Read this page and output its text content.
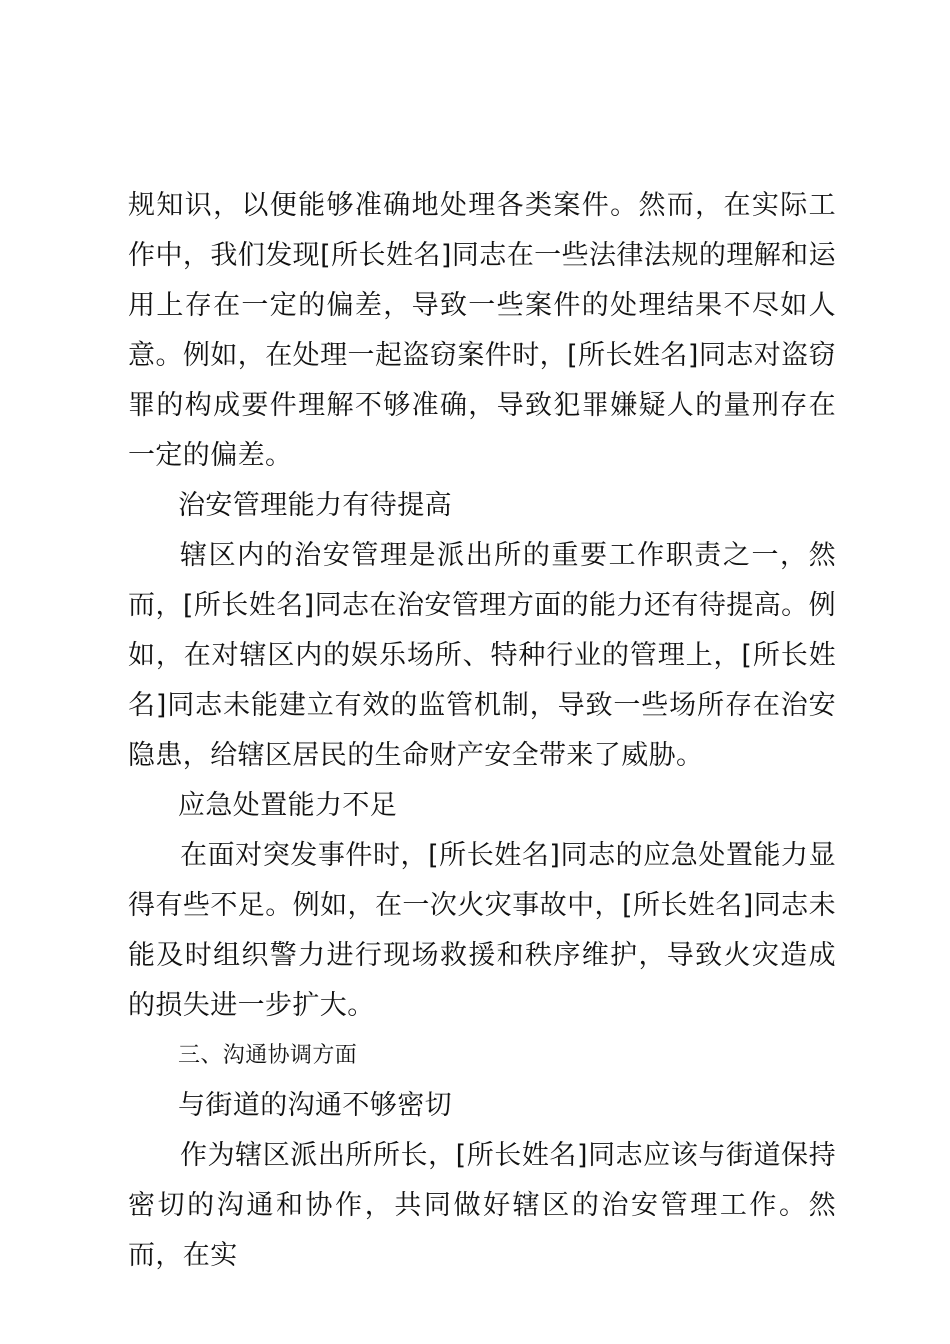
规知识，以便能够准确地处理各类案件。然而，在实际工作中，我们发现[所长姓名]同志在一些法律法规的理解和运用上存在一定的偏差，导致一些案件的处理结果不尽如人意。例如，在处理一起盗窃案件时，[所长姓名]同志对盗窃罪的构成要件理解不够准确，导致犯罪嫌疑人的量刑存在一定的偏差。

治安管理能力有待提高

辖区内的治安管理是派出所的重要工作职责之一，然而，[所长姓名]同志在治安管理方面的能力还有待提高。例如，在对辖区内的娱乐场所、特种行业的管理上，[所长姓名]同志未能建立有效的监管机制，导致一些场所存在治安隐患，给辖区居民的生命财产安全带来了威胁。

应急处置能力不足

在面对突发事件时，[所长姓名]同志的应急处置能力显得有些不足。例如，在一次火灾事故中，[所长姓名]同志未能及时组织警力进行现场救援和秩序维护，导致火灾造成的损失进一步扩大。

三、沟通协调方面

与街道的沟通不够密切

作为辖区派出所所长，[所长姓名]同志应该与街道保持密切的沟通和协作，共同做好辖区的治安管理工作。然而，在实
